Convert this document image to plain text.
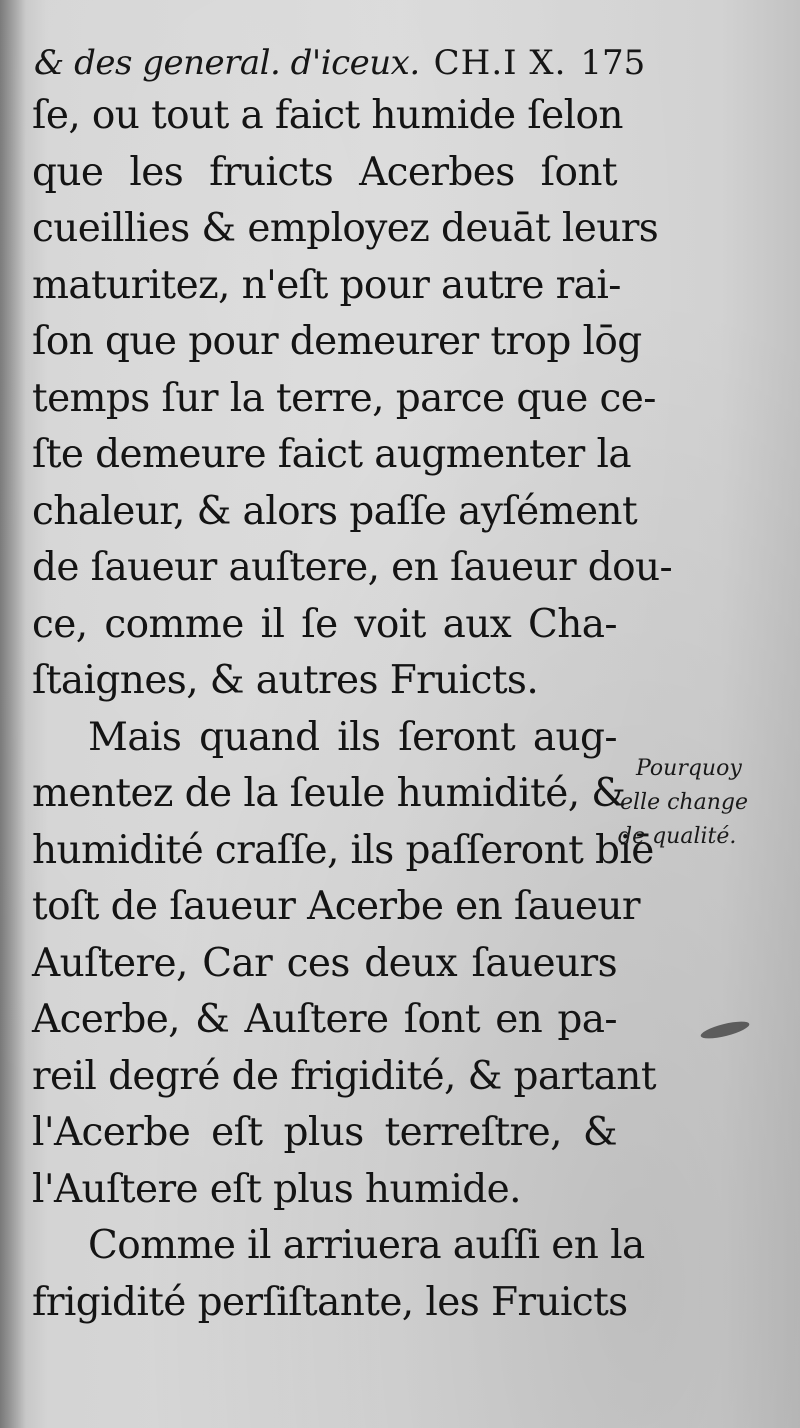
& des general. d'iceux. CH.I X. 175
ſe, ou tout a faict humide ſelon
que les fruicts Acerbes ſont
cueillies & employez deuāt leurs
maturitez, n'eſt pour autre rai-
ſon que pour demeurer trop lōg
temps ſur la terre, parce que ce-
ſte demeure faict augmenter la
chaleur, & alors paſſe ayſément
de ſaueur auſtere, en ſaueur dou-
ce, comme il ſe voit aux Cha-
ſtaignes, & autres Fruicts.
Mais quand ils ſeront aug-
mentez de la ſeule humidité, &
humidité craſſe, ils paſſeront biē
toſt de ſaueur Acerbe en ſaueur
Auſtere, Car ces deux ſaueurs
Acerbe, & Auſtere ſont en pa-
reil degré de frigidité, & partant
l'Acerbe eſt plus terreſtre, &
l'Auſtere eſt plus humide.
Comme il arriuera auſſi en la
frigidité perſiſtante, les Fruicts
Pourquoy
elle change
de qualité.
